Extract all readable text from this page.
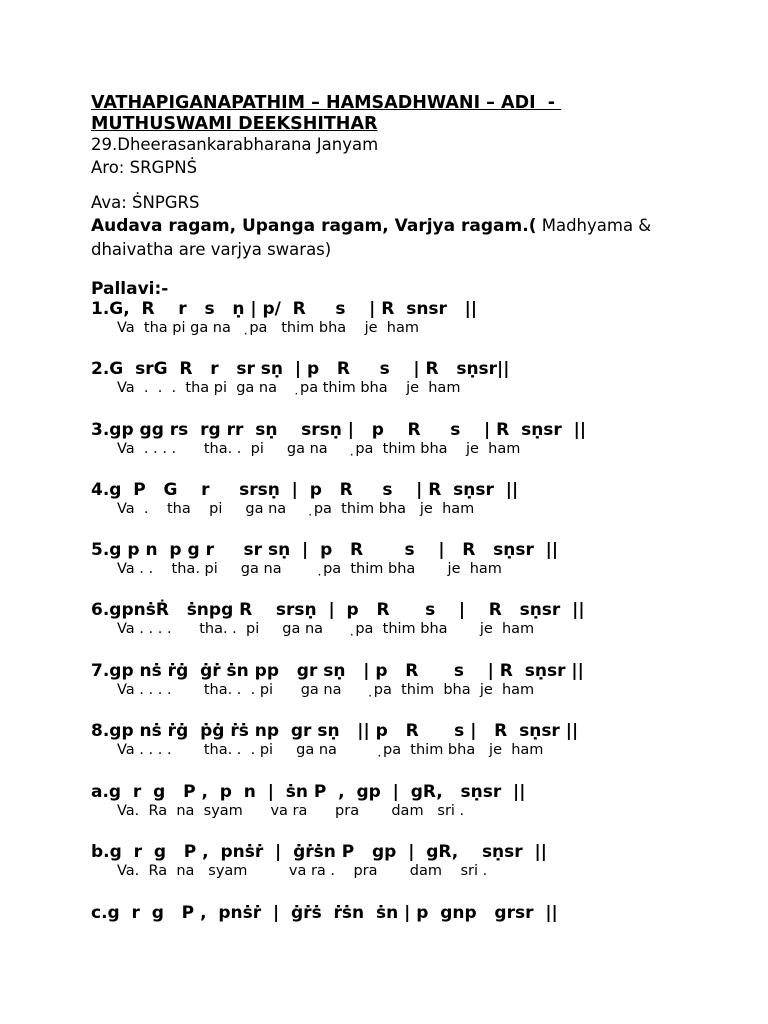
VATHAPIGANAPATHIM – HAMSADHWANI – ADI  - MUTHUSWAMI DEEKSHITHAR
29.Dheerasankarabharana Janyam
Aro: SRGPNṠ
Ava: ṠNPGRS
Audava ragam, Upanga ragam, Varjya ragam.( Madhyama & dhaivatha are varjya swaras)
Pallavi:-
1.G,  R    r   s   ṇ | p/  R     s    | R  snsr   ||
Va  tha pi ga na    ̣pa   thim bha    je  ham
2.G  srG  R   r   sr sṇ  | p   R     s    | R   sṇsr||
Va  .  .  .  tha pi  ga na     ̣pa thim bha    je  ham
3.gp gg rs  rg rr  sṇ    srsṇ |   p    R     s    | R  sṇsr  ||
Va  . . . .      tha. .  pi     ga na      ̣pa  thim bha    je  ham
4.g  P   G    r     srsṇ  |  p   R     s    | R  sṇsr  ||
Va  .    tha    pi     ga na      ̣pa  thim bha   je  ham
5.g p n  p g r     sr sṇ  |  p   R       s    |   R   sṇsr  ||
Va . .    tha. pi     ga na         ̣pa  thim bha       je  ham
6.gpnṡṘ   ṡnpg R    srsṇ  |  p   R      s    |    R   sṇsr  ||
Va . . . .      tha. .  pi     ga na       ̣pa  thim bha       je  ham
7.gp nṡ ṙġ  ġṙ ṡn pp   gr sṇ   | p   R      s    | R  sṇsr ||
Va . . . .       tha. .  . pi      ga na       ̣pa  thim  bha  je  ham
8.gp nṡ ṙġ  ṗġ ṙṡ np  gr sṇ   || p   R      s |   R  sṇsr ||
Va . . . .       tha. .  . pi     ga na          ̣pa  thim bha   je  ham
a.g  r  g   P ,  p  n  |  ṡn P  ,  gp  |  gR,   sṇsr  ||
Va.  Ra  na  syam      va ra      pra       dam   sri .
b.g  r  g   P ,  pnṡṙ  |  ġṙṡn P   gp  |  gR,    sṇsr  ||
Va.  Ra  na   syam         va ra .    pra       dam    sri .
c.g  r  g   P ,  pnṡṙ  |  ġṙṡ  ṙṡn  ṡn | p  gnp   grsr  ||
